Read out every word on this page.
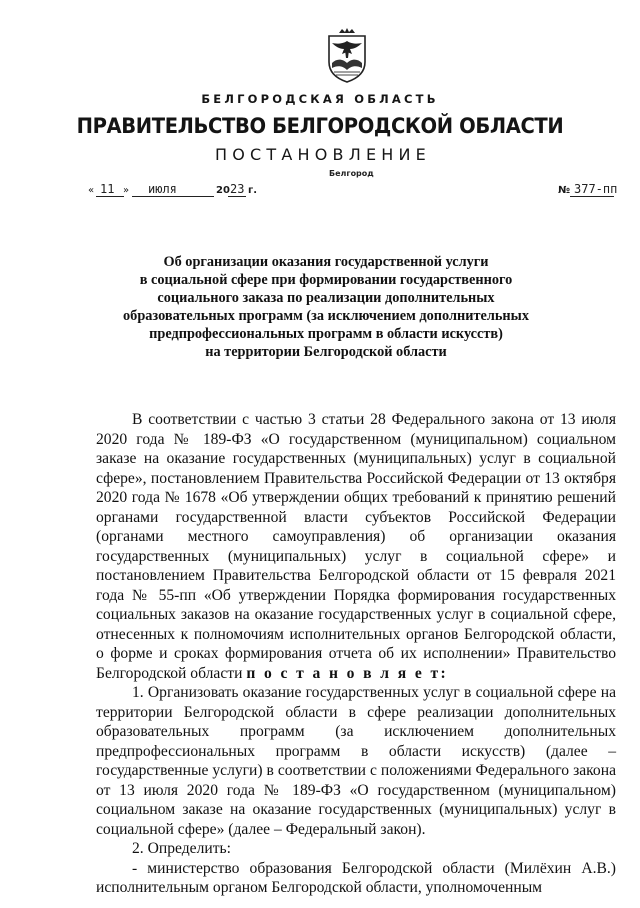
БЕЛГОРОДСКАЯ ОБЛАСТЬ
ПРАВИТЕЛЬСТВО БЕЛГОРОДСКОЙ ОБЛАСТИ
ПОСТАНОВЛЕНИЕ
Белгород
« 11 » июля	20 23 г.	№ 377-пп
Об организации оказания государственной услуги
в социальной сфере при формировании государственного
социального заказа по реализации дополнительных
образовательных программ (за исключением дополнительных
предпрофессиональных программ в области искусств)
на территории Белгородской области

В соответствии с частью 3 статьи 28 Федерального закона от 13 июля 2020 года № 189-ФЗ «О государственном (муниципальном) социальном заказе на оказание государственных (муниципальных) услуг в социальной сфере», постановлением Правительства Российской Федерации от 13 октября 2020 года № 1678 «Об утверждении общих требований к принятию решений органами государственной власти субъектов Российской Федерации (органами местного самоуправления) об организации оказания государственных (муниципальных) услуг в социальной сфере» и постановлением Правительства Белгородской области от 15 февраля 2021 года № 55-пп «Об утверждении Порядка формирования государственных социальных заказов на оказание государственных услуг в социальной сфере, отнесенных к полномочиям исполнительных органов Белгородской области, о форме и сроках формирования отчета об их исполнении» Правительство Белгородской области п о с т а н о в л я е т:

1. Организовать оказание государственных услуг в социальной сфере на территории Белгородской области в сфере реализации дополнительных образовательных программ (за исключением дополнительных предпрофессиональных программ в области искусств) (далее – государственные услуги) в соответствии с положениями Федерального закона от 13 июля 2020 года № 189-ФЗ «О государственном (муниципальном) социальном заказе на оказание государственных (муниципальных) услуг в социальной сфере» (далее – Федеральный закон).

2. Определить:

- министерство образования Белгородской области (Милёхин А.В.) исполнительным органом Белгородской области, уполномоченным
